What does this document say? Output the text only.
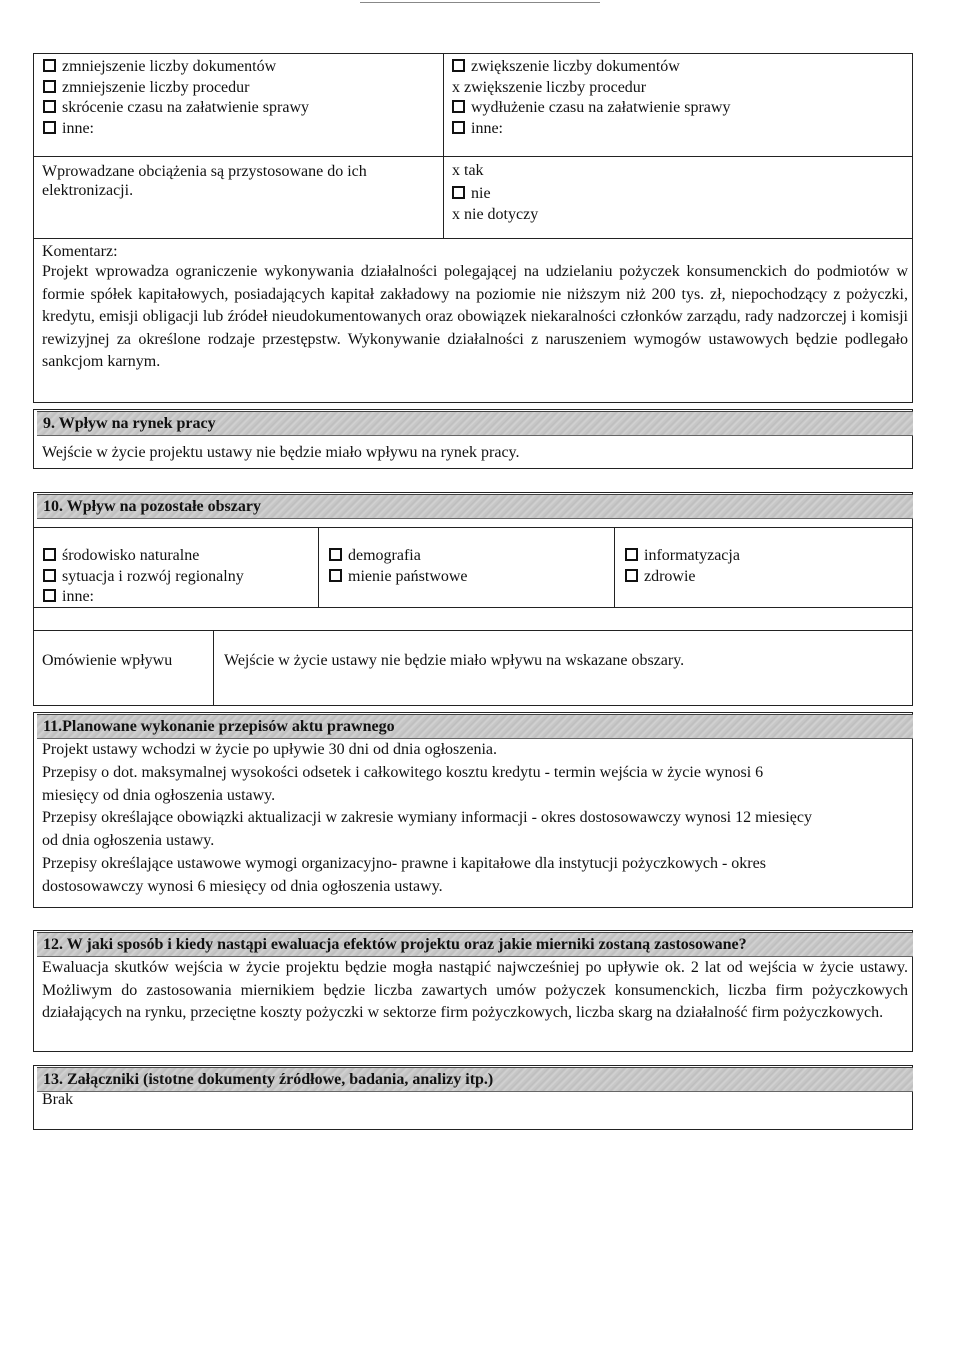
zmniejszenie liczby dokumentów
zmniejszenie liczby procedur
skrócenie czasu na załatwienie sprawy
inne:
zwiększenie liczby dokumentów
x zwiększenie liczby procedur
wydłużenie czasu na załatwienie sprawy
inne:
Wprowadzane obciążenia są przystosowane do ich
elektronizacji.
x tak
nie
x nie dotyczy
Komentarz:
Projekt wprowadza ograniczenie wykonywania działalności polegającej na udzielaniu pożyczek konsumenckich do podmiotów w formie spółek kapitałowych, posiadających kapitał zakładowy na poziomie nie niższym niż 200 tys. zł, niepochodzący z pożyczki, kredytu, emisji obligacji lub źródeł nieudokumentowanych oraz obowiązek niekaralności członków zarządu, rady nadzorczej i komisji rewizyjnej za określone rodzaje przestępstw. Wykonywanie działalności z naruszeniem wymogów ustawowych będzie podlegało sankcjom karnym.
9. Wpływ na rynek pracy
Wejście w życie projektu ustawy nie będzie miało wpływu na rynek pracy.
10. Wpływ na pozostałe obszary
środowisko naturalne
sytuacja i rozwój regionalny
inne:
demografia
mienie państwowe
informatyzacja
zdrowie
Omówienie wpływu	Wejście w życie ustawy nie będzie miało wpływu na wskazane obszary.
11.Planowane wykonanie przepisów aktu prawnego
Projekt ustawy wchodzi w życie po upływie 30 dni od dnia ogłoszenia.
Przepisy o dot. maksymalnej wysokości odsetek i całkowitego kosztu kredytu - termin wejścia w życie wynosi 6
miesięcy od dnia ogłoszenia ustawy.
Przepisy określające obowiązki aktualizacji w zakresie wymiany informacji - okres dostosowawczy wynosi 12 miesięcy
od dnia ogłoszenia ustawy.
Przepisy określające ustawowe wymogi organizacyjno- prawne i kapitałowe dla instytucji pożyczkowych - okres
dostosowawczy wynosi 6 miesięcy od dnia ogłoszenia ustawy.
12. W jaki sposób i kiedy nastąpi ewaluacja efektów projektu oraz jakie mierniki zostaną zastosowane?
Ewaluacja skutków wejścia w życie projektu będzie mogła nastąpić najwcześniej po upływie ok. 2 lat od wejścia w życie ustawy. Możliwym do zastosowania miernikiem będzie liczba zawartych umów pożyczek konsumenckich, liczba firm pożyczkowych działających na rynku, przeciętne koszty pożyczki w sektorze firm pożyczkowych, liczba skarg na działalność firm pożyczkowych.
13. Załączniki (istotne dokumenty źródłowe, badania, analizy itp.)
Brak
